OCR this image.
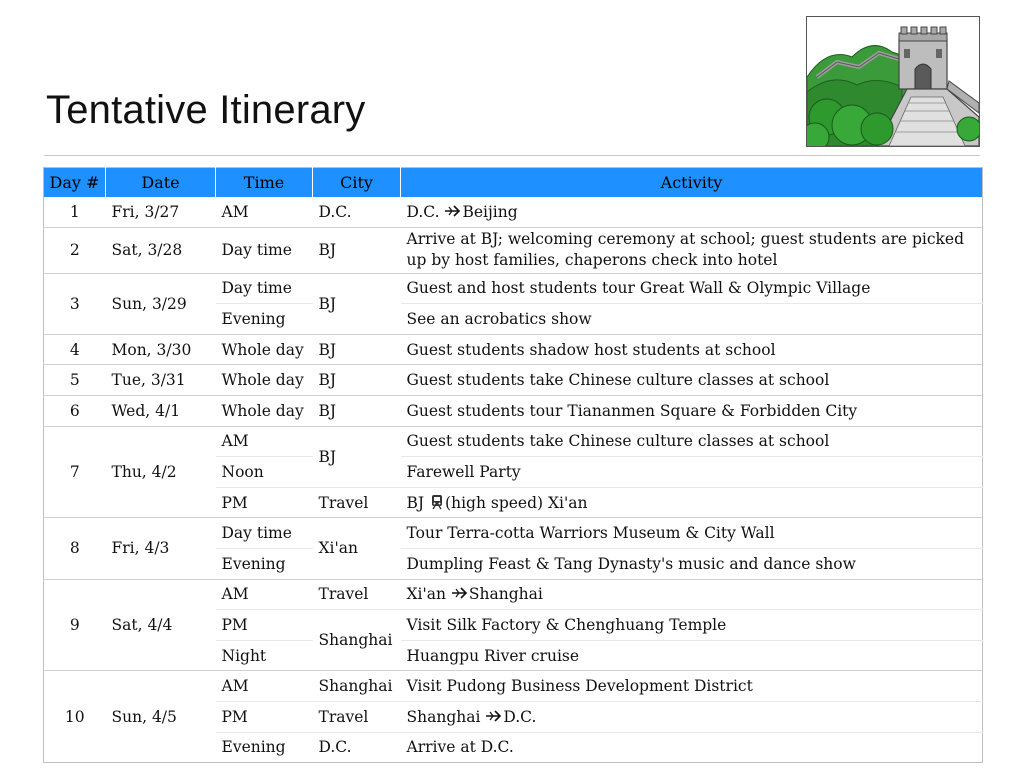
Tentative Itinerary
Day #	Date	Time	City	Activity
1	Fri, 3/27	AM	D.C.	D.C. Beijing
2	Sat, 3/28	Day time	BJ	Arrive at BJ; welcoming ceremony at school; guest students are picked up by host families, chaperons check into hotel
3	Sun, 3/29	Day time	BJ	Guest and host students tour Great Wall & Olympic Village
		Evening		See an acrobatics show
4	Mon, 3/30	Whole day	BJ	Guest students shadow host students at school
5	Tue, 3/31	Whole day	BJ	Guest students take Chinese culture classes at school
6	Wed, 4/1	Whole day	BJ	Guest students tour Tiananmen Square & Forbidden City
7	Thu, 4/2	AM	BJ	Guest students take Chinese culture classes at school
		Noon		Farewell Party
		PM	Travel	BJ (high speed) Xi'an
8	Fri, 4/3	Day time	Xi'an	Tour Terra-cotta Warriors Museum & City Wall
		Evening		Dumpling Feast & Tang Dynasty's music and dance show
9	Sat, 4/4	AM	Travel	Xi'an Shanghai
		PM	Shanghai	Visit Silk Factory & Chenghuang Temple
		Night		Huangpu River cruise
10	Sun, 4/5	AM	Shanghai	Visit Pudong Business Development District
		PM	Travel	Shanghai D.C.
		Evening	D.C.	Arrive at D.C.
